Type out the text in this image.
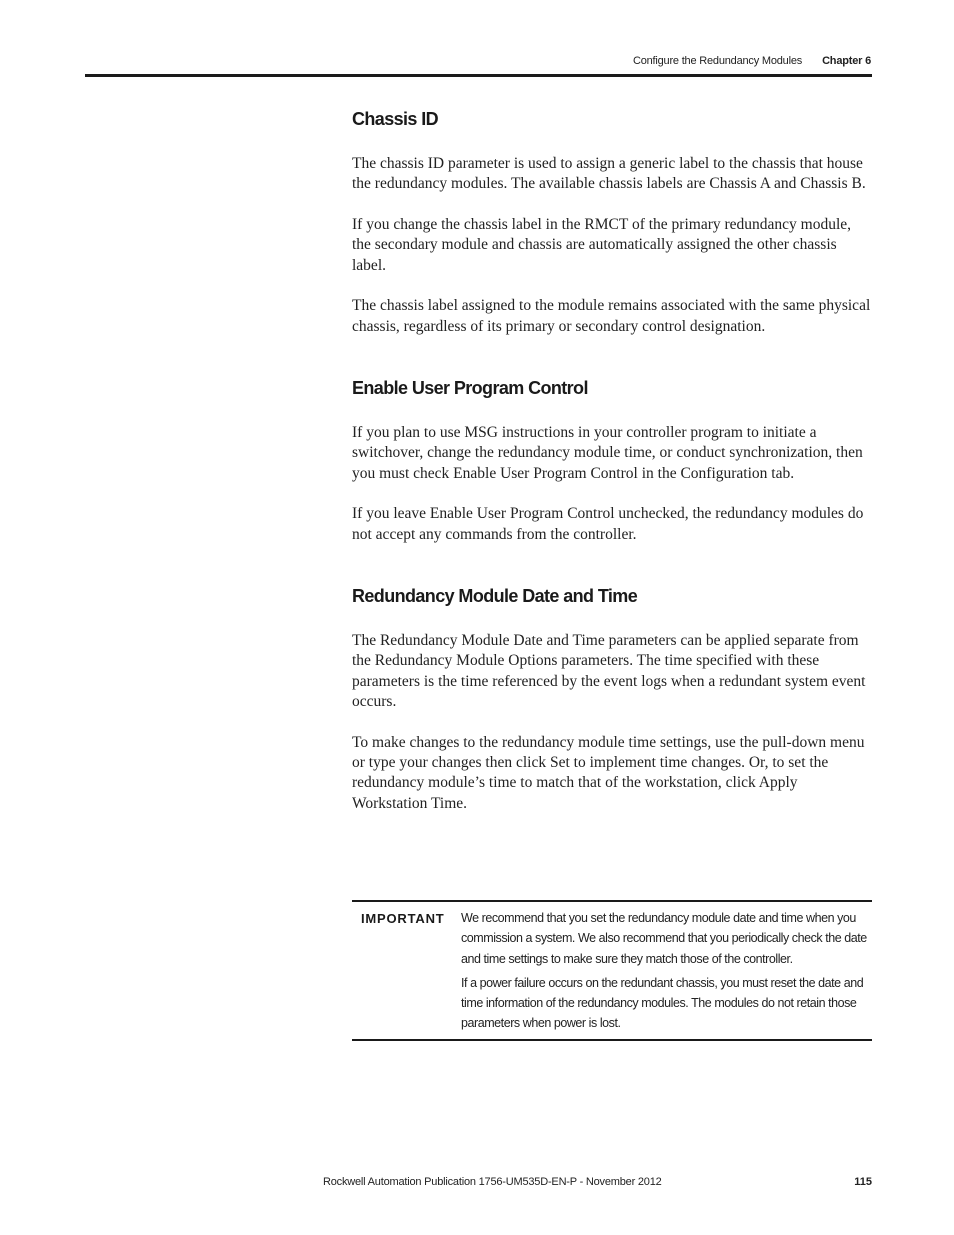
Configure the Redundancy Modules Chapter 6
Chassis ID

The chassis ID parameter is used to assign a generic label to the chassis that house the redundancy modules. The available chassis labels are Chassis A and Chassis B.

If you change the chassis label in the RMCT of the primary redundancy module, the secondary module and chassis are automatically assigned the other chassis label.

The chassis label assigned to the module remains associated with the same physical chassis, regardless of its primary or secondary control designation.

Enable User Program Control

If you plan to use MSG instructions in your controller program to initiate a switchover, change the redundancy module time, or conduct synchronization, then you must check Enable User Program Control in the Configuration tab.

If you leave Enable User Program Control unchecked, the redundancy modules do not accept any commands from the controller.

Redundancy Module Date and Time

The Redundancy Module Date and Time parameters can be applied separate from the Redundancy Module Options parameters. The time specified with these parameters is the time referenced by the event logs when a redundant system event occurs.

To make changes to the redundancy module time settings, use the pull-down menu or type your changes then click Set to implement time changes. Or, to set the redundancy module’s time to match that of the workstation, click Apply Workstation Time.

IMPORTANT	We recommend that you set the redundancy module date and time when you commission a system. We also recommend that you periodically check the date and time settings to make sure they match those of the controller.

If a power failure occurs on the redundant chassis, you must reset the date and time information of the redundancy modules. The modules do not retain those parameters when power is lost.

Rockwell Automation Publication 1756-UM535D-EN-P - November 2012	115
